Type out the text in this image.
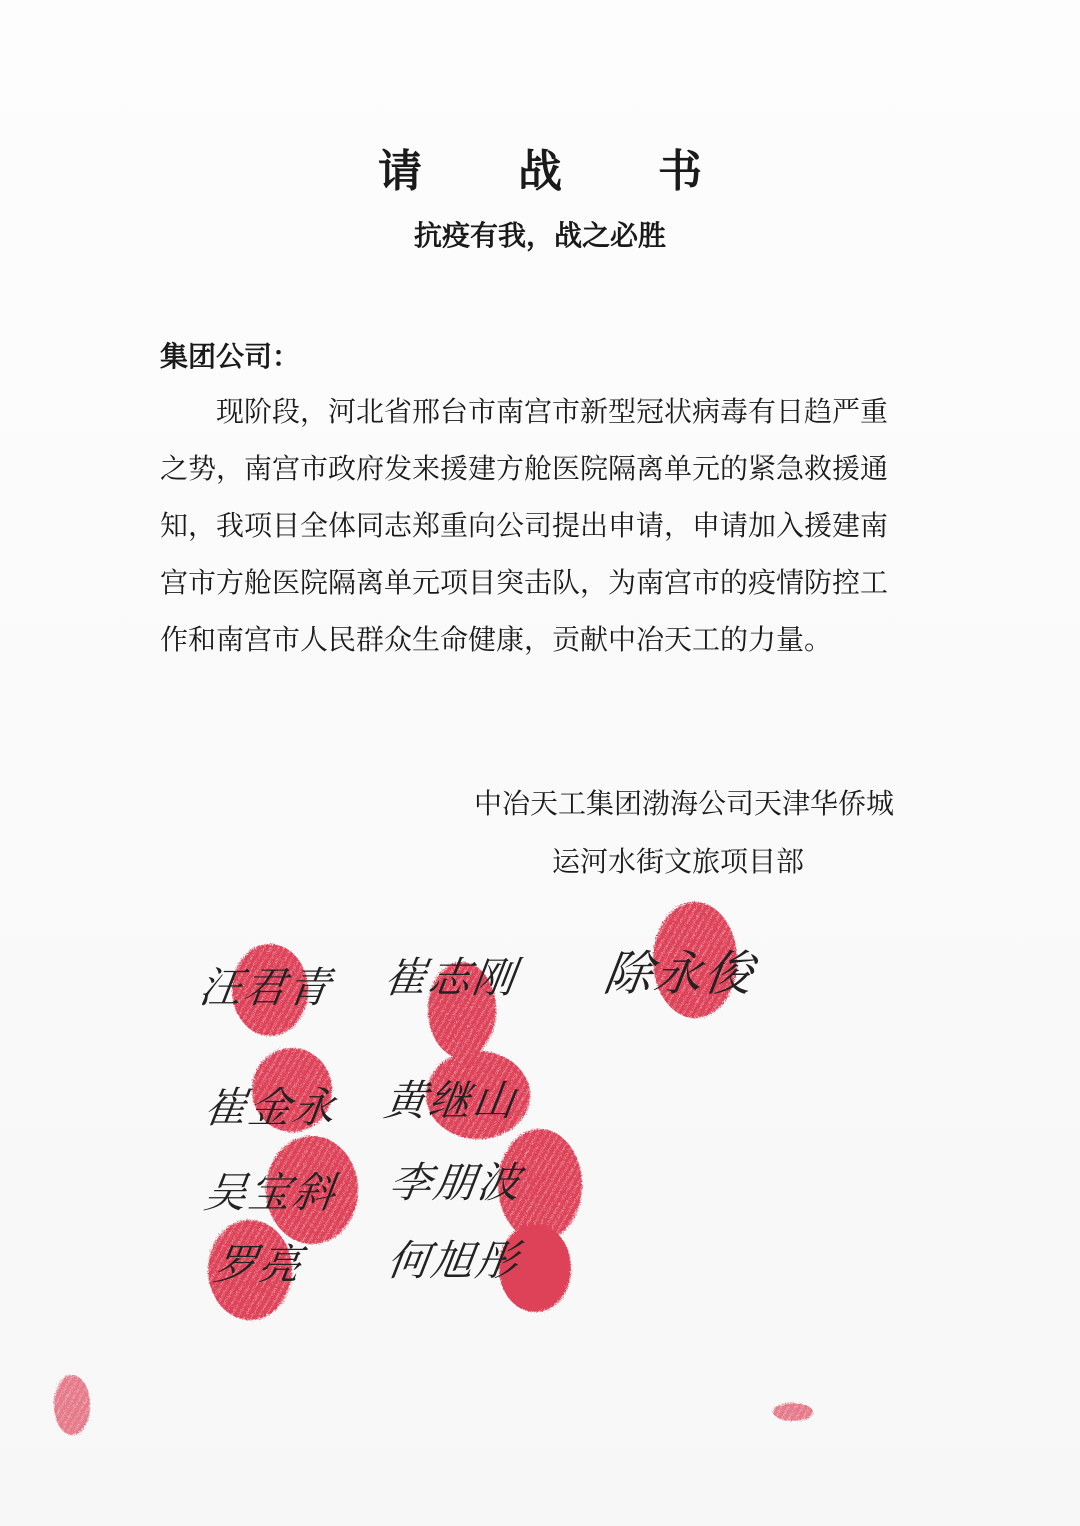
请 战 书
抗疫有我，战之必胜
集团公司：
　　现阶段，河北省邢台市南宫市新型冠状病毒有日趋严重
之势，南宫市政府发来援建方舱医院隔离单元的紧急救援通
知，我项目全体同志郑重向公司提出申请，申请加入援建南
宫市方舱医院隔离单元项目突击队，为南宫市的疫情防控工
作和南宫市人民群众生命健康，贡献中冶天工的力量。
中冶天工集团渤海公司天津华侨城
运河水街文旅项目部
汪君青 崔志刚 除永俊
崔金永 黄继山
吴宝斜 李朋波
罗亮 何旭彤
